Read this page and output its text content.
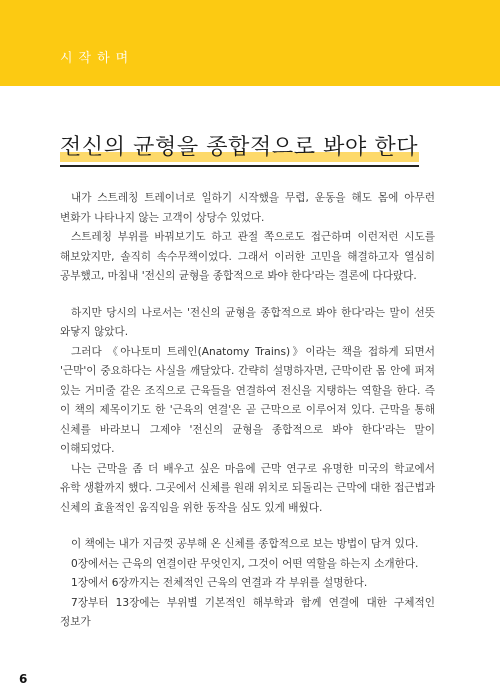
시작하며
전신의 균형을 종합적으로 봐야 한다

내가 스트레칭 트레이너로 일하기 시작했을 무렵, 운동을 해도 몸에 아무런 변화가 나타나지 않는 고객이 상당수 있었다.

스트레칭 부위를 바꿔보기도 하고 관절 쪽으로도 접근하며 이런저런 시도를 해보았지만, 솔직히 속수무책이었다. 그래서 이러한 고민을 해결하고자 열심히 공부했고, 마침내 '전신의 균형을 종합적으로 봐야 한다'라는 결론에 다다랐다.

하지만 당시의 나로서는 '전신의 균형을 종합적으로 봐야 한다'라는 말이 선뜻 와닿지 않았다.

그러다 《아나토미 트레인(Anatomy Trains)》이라는 책을 접하게 되면서 '근막'이 중요하다는 사실을 깨달았다. 간략히 설명하자면, 근막이란 몸 안에 퍼져 있는 거미줄 같은 조직으로 근육들을 연결하여 전신을 지탱하는 역할을 한다. 즉 이 책의 제목이기도 한 '근육의 연결'은 곧 근막으로 이루어져 있다. 근막을 통해 신체를 바라보니 그제야 '전신의 균형을 종합적으로 봐야 한다'라는 말이 이해되었다.

나는 근막을 좀 더 배우고 싶은 마음에 근막 연구로 유명한 미국의 학교에서 유학 생활까지 했다. 그곳에서 신체를 원래 위치로 되돌리는 근막에 대한 접근법과 신체의 효율적인 움직임을 위한 동작을 심도 있게 배웠다.

이 책에는 내가 지금껏 공부해 온 신체를 종합적으로 보는 방법이 담겨 있다.

0장에서는 근육의 연결이란 무엇인지, 그것이 어떤 역할을 하는지 소개한다.

1장에서 6장까지는 전체적인 근육의 연결과 각 부위를 설명한다.

7장부터 13장에는 부위별 기본적인 해부학과 함께 연결에 대한 구체적인 정보가

6
